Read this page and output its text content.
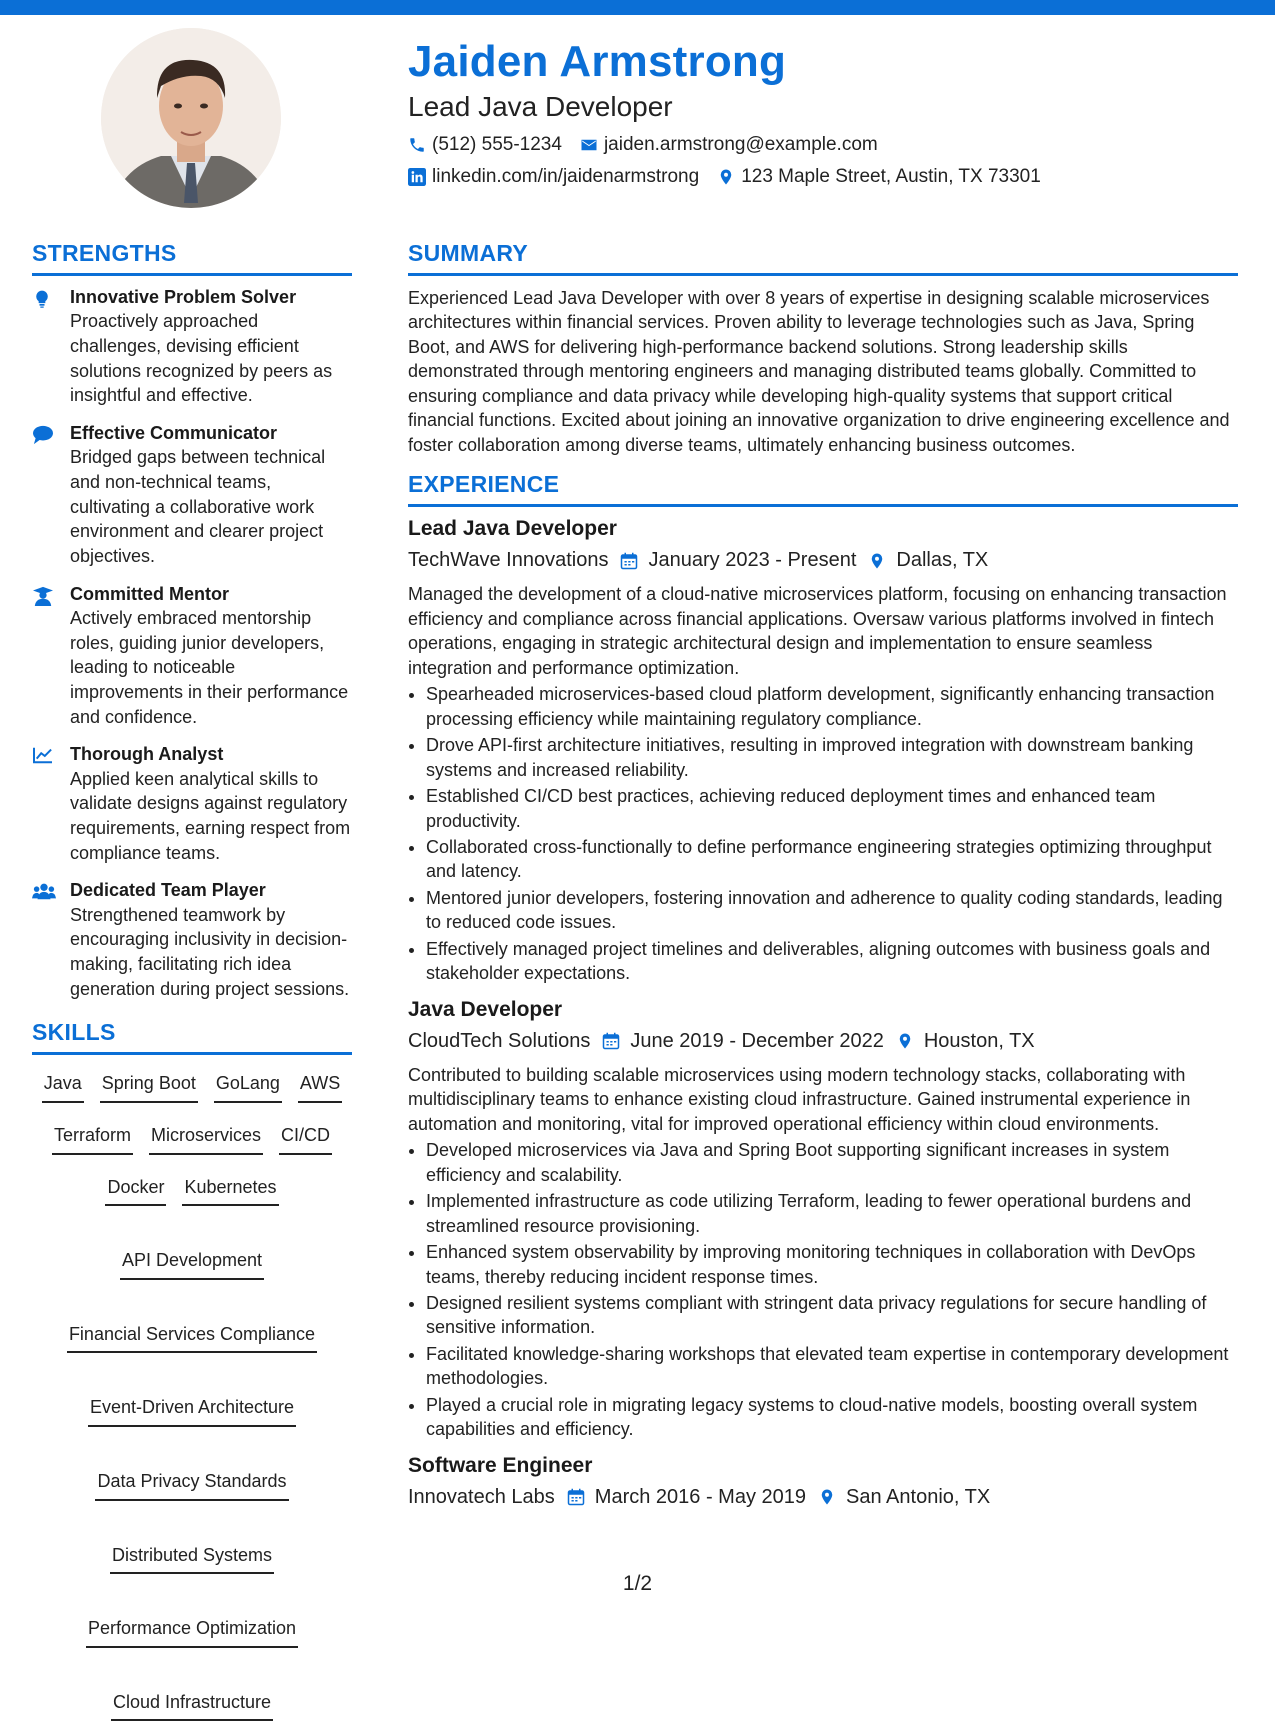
Jaiden Armstrong
Lead Java Developer
(512) 555-1234 jaiden.armstrong@example.com
linkedin.com/in/jaidenarmstrong 123 Maple Street, Austin, TX 73301
STRENGTHS
Innovative Problem Solver
Proactively approached challenges, devising efficient solutions recognized by peers as insightful and effective.
Effective Communicator
Bridged gaps between technical and non-technical teams, cultivating a collaborative work environment and clearer project objectives.
Committed Mentor
Actively embraced mentorship roles, guiding junior developers, leading to noticeable improvements in their performance and confidence.
Thorough Analyst
Applied keen analytical skills to validate designs against regulatory requirements, earning respect from compliance teams.
Dedicated Team Player
Strengthened teamwork by encouraging inclusivity in decision-making, facilitating rich idea generation during project sessions.
SKILLS
Java Spring Boot GoLang AWS
Terraform Microservices CI/CD
Docker Kubernetes
API Development
Financial Services Compliance
Event-Driven Architecture
Data Privacy Standards
Distributed Systems
Performance Optimization
Cloud Infrastructure
SUMMARY
Experienced Lead Java Developer with over 8 years of expertise in designing scalable microservices architectures within financial services. Proven ability to leverage technologies such as Java, Spring Boot, and AWS for delivering high-performance backend solutions. Strong leadership skills demonstrated through mentoring engineers and managing distributed teams globally. Committed to ensuring compliance and data privacy while developing high-quality systems that support critical financial functions. Excited about joining an innovative organization to drive engineering excellence and foster collaboration among diverse teams, ultimately enhancing business outcomes.
EXPERIENCE
Lead Java Developer
TechWave Innovations January 2023 - Present Dallas, TX
Managed the development of a cloud-native microservices platform, focusing on enhancing transaction efficiency and compliance across financial applications. Oversaw various platforms involved in fintech operations, engaging in strategic architectural design and implementation to ensure seamless integration and performance optimization.
• Spearheaded microservices-based cloud platform development, significantly enhancing transaction processing efficiency while maintaining regulatory compliance.
• Drove API-first architecture initiatives, resulting in improved integration with downstream banking systems and increased reliability.
• Established CI/CD best practices, achieving reduced deployment times and enhanced team productivity.
• Collaborated cross-functionally to define performance engineering strategies optimizing throughput and latency.
• Mentored junior developers, fostering innovation and adherence to quality coding standards, leading to reduced code issues.
• Effectively managed project timelines and deliverables, aligning outcomes with business goals and stakeholder expectations.
Java Developer
CloudTech Solutions June 2019 - December 2022 Houston, TX
Contributed to building scalable microservices using modern technology stacks, collaborating with multidisciplinary teams to enhance existing cloud infrastructure. Gained instrumental experience in automation and monitoring, vital for improved operational efficiency within cloud environments.
• Developed microservices via Java and Spring Boot supporting significant increases in system efficiency and scalability.
• Implemented infrastructure as code utilizing Terraform, leading to fewer operational burdens and streamlined resource provisioning.
• Enhanced system observability by improving monitoring techniques in collaboration with DevOps teams, thereby reducing incident response times.
• Designed resilient systems compliant with stringent data privacy regulations for secure handling of sensitive information.
• Facilitated knowledge-sharing workshops that elevated team expertise in contemporary development methodologies.
• Played a crucial role in migrating legacy systems to cloud-native models, boosting overall system capabilities and efficiency.
Software Engineer
Innovatech Labs March 2016 - May 2019 San Antonio, TX
1/2
